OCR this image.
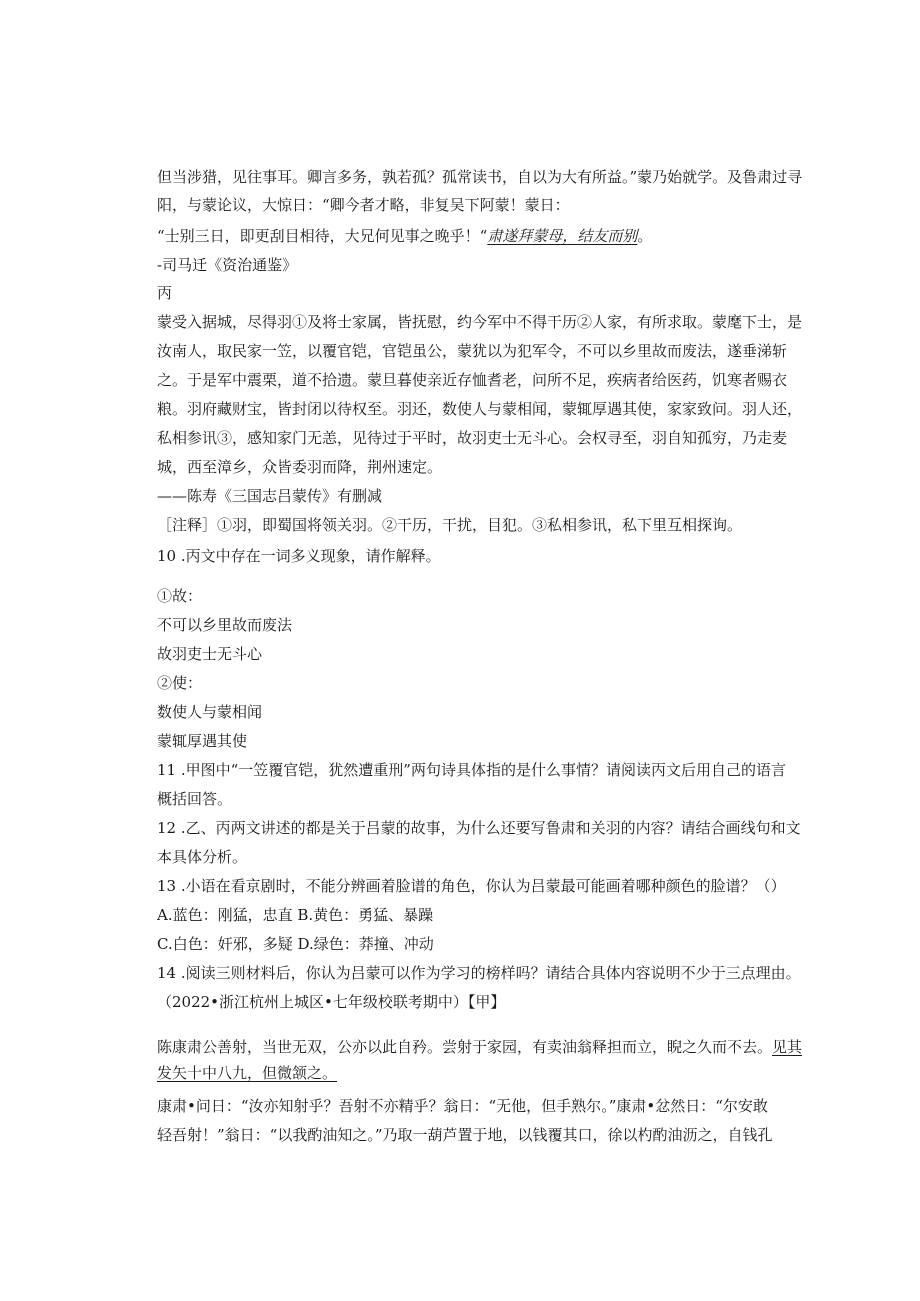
但当涉猎，见往事耳。卿言多务，孰若孤？孤常读书，自以为大有所益。”蒙乃始就学。及鲁肃过寻
阳，与蒙论议，大惊日：“卿今者才略，非复吴下阿蒙！蒙日：
“士别三日，即更刮目相待，大兄何见事之晚乎！“肃遂拜蒙母，结友而别。
-司马迁《资治通鉴》
丙
蒙受入据城，尽得羽①及将士家属，皆抚慰，约今军中不得干历②人家，有所求取。蒙麾下士，是
汝南人，取民家一笠，以覆官铠，官铠虽公，蒙犹以为犯军令，不可以乡里故而废法，遂垂涕斩
之。于是军中震栗，道不拾遗。蒙旦暮使亲近存恤耆老，问所不足，疾病者给医药，饥寒者赐衣
粮。羽府藏财宝，皆封闭以待权至。羽还，数使人与蒙相闻，蒙辄厚遇其使，家家致问。羽人还，
私相参讯③，感知家门无恙，见待过于平时，故羽吏士无斗心。会权寻至，羽自知孤穷，乃走麦
城，西至漳乡，众皆委羽而降，荆州速定。
——陈寿《三国志吕蒙传》有删减
［注释］①羽，即蜀国将领关羽。②干历，干扰，目犯。③私相参讯，私下里互相探询。
10 .丙文中存在一词多义现象，请作解释。
①故：
不可以乡里故而废法
故羽吏士无斗心
②使：
数使人与蒙相闻
蒙辄厚遇其使
11 .甲图中“一笠覆官铠，犹然遭重刑”两句诗具体指的是什么事情？请阅读丙文后用自己的语言
概括回答。
12 .乙、丙两文讲述的都是关于吕蒙的故事，为什么还要写鲁肃和关羽的内容？请结合画线句和文
本具体分析。
13 .小语在看京剧时，不能分辨画着脸谱的角色，你认为吕蒙最可能画着哪种颜色的脸谱？（）
A.蓝色：刚猛，忠直 B.黄色：勇猛、暴躁
C.白色：奸邪，多疑 D.绿色：莽撞、冲动
14 .阅读三则材料后，你认为吕蒙可以作为学习的榜样吗？请结合具体内容说明不少于三点理由。
（2022•浙江杭州上城区•七年级校联考期中）【甲】
陈康肃公善射，当世无双，公亦以此自矜。尝射于家园，有卖油翁释担而立，睨之久而不去。见其
发矢十中八九，但微颔之。
康肃•问日：“汝亦知射乎？吾射不亦精乎？翁日：“无他，但手熟尔。”康肃•忿然日：“尔安敢
轻吾射！”翁日：“以我酌油知之。”乃取一葫芦置于地，以钱覆其口，徐以杓酌油沥之，自钱孔
